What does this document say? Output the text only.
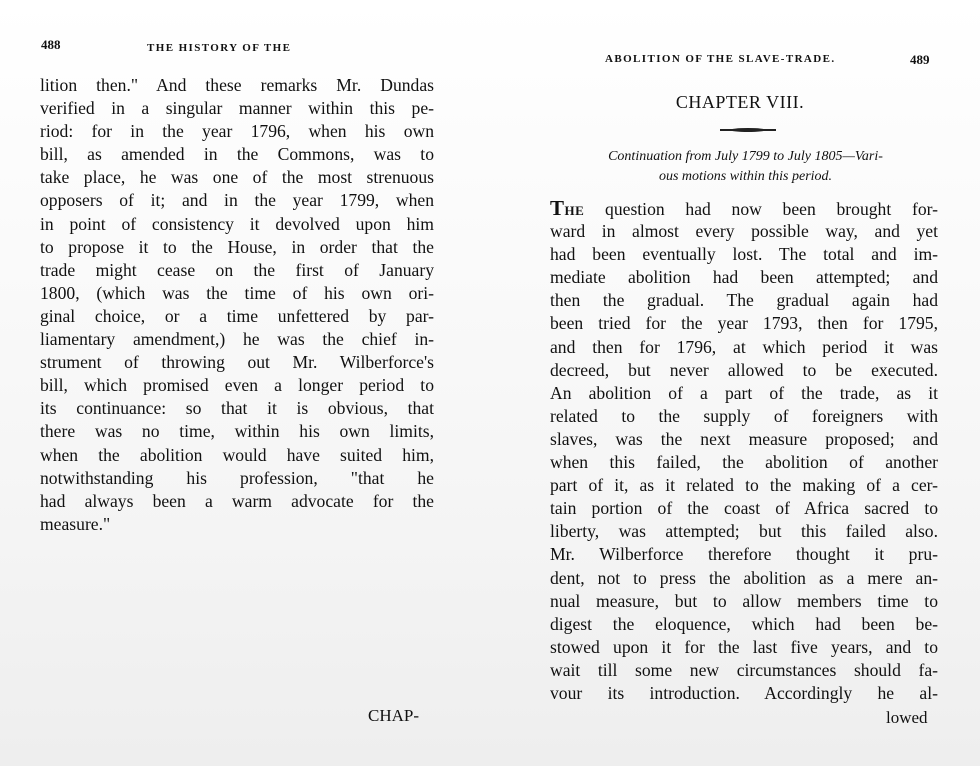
488	THE HISTORY OF THE
lition then." And these remarks Mr. Dundas
verified in a singular manner within this pe-
riod: for in the year 1796, when his own
bill, as amended in the Commons, was to
take place, he was one of the most strenuous
opposers of it; and in the year 1799, when
in point of consistency it devolved upon him
to propose it to the House, in order that the
trade might cease on the first of January
1800, (which was the time of his own ori-
ginal choice, or a time unfettered by par-
liamentary amendment,) he was the chief in-
strument of throwing out Mr. Wilberforce's
bill, which promised even a longer period to
its continuance: so that it is obvious, that
there was no time, within his own limits,
when the abolition would have suited him,
notwithstanding his profession, "that he
had always been a warm advocate for the
measure."
CHAP-
ABOLITION OF THE SLAVE-TRADE.	489
CHAPTER VIII.
Continuation from July 1799 to July 1805—Vari-
ous motions within this period.
THE question had now been brought for-
ward in almost every possible way, and yet
had been eventually lost. The total and im-
mediate abolition had been attempted; and
then the gradual. The gradual again had
been tried for the year 1793, then for 1795,
and then for 1796, at which period it was
decreed, but never allowed to be executed.
An abolition of a part of the trade, as it
related to the supply of foreigners with
slaves, was the next measure proposed; and
when this failed, the abolition of another
part of it, as it related to the making of a cer-
tain portion of the coast of Africa sacred to
liberty, was attempted; but this failed also.
Mr. Wilberforce therefore thought it pru-
dent, not to press the abolition as a mere an-
nual measure, but to allow members time to
digest the eloquence, which had been be-
stowed upon it for the last five years, and to
wait till some new circumstances should fa-
vour its introduction. Accordingly he al-
lowed
